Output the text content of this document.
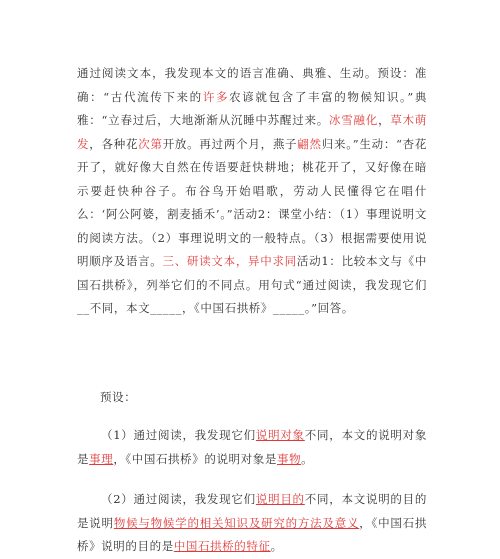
通过阅读文本，我发现本文的语言准确、典雅、生动。预设：准确：“古代流传下来的许多农谚就包含了丰富的物候知识。”典雅：“立春过后，大地渐渐从沉睡中苏醒过来。冰雪融化，草木萌发，各种花次第开放。再过两个月，燕子翩然归来。”生动：“杏花开了，就好像大自然在传语要赶快耕地；桃花开了，又好像在暗示要赶快种谷子。布谷鸟开始唱歌，劳动人民懂得它在唱什么：‘阿公阿婆，割麦插禾’。”活动2：课堂小结：（1）事理说明文的阅读方法。（2）事理说明文的一般特点。（3）根据需要使用说明顺序及语言。三、研读文本，异中求同活动1：比较本文与《中国石拱桥》，列举它们的不同点。用句式“通过阅读，我发现它们__不同，本文_____，《中国石拱桥》_____。”回答。

预设：

（1）通过阅读，我发现它们说明对象不同，本文的说明对象是事理，《中国石拱桥》的说明对象是事物。

（2）通过阅读，我发现它们说明目的不同，本文说明的目的是说明物候与物候学的相关知识及研究的方法及意义，《中国石拱桥》说明的目的是中国石拱桥的特征。
